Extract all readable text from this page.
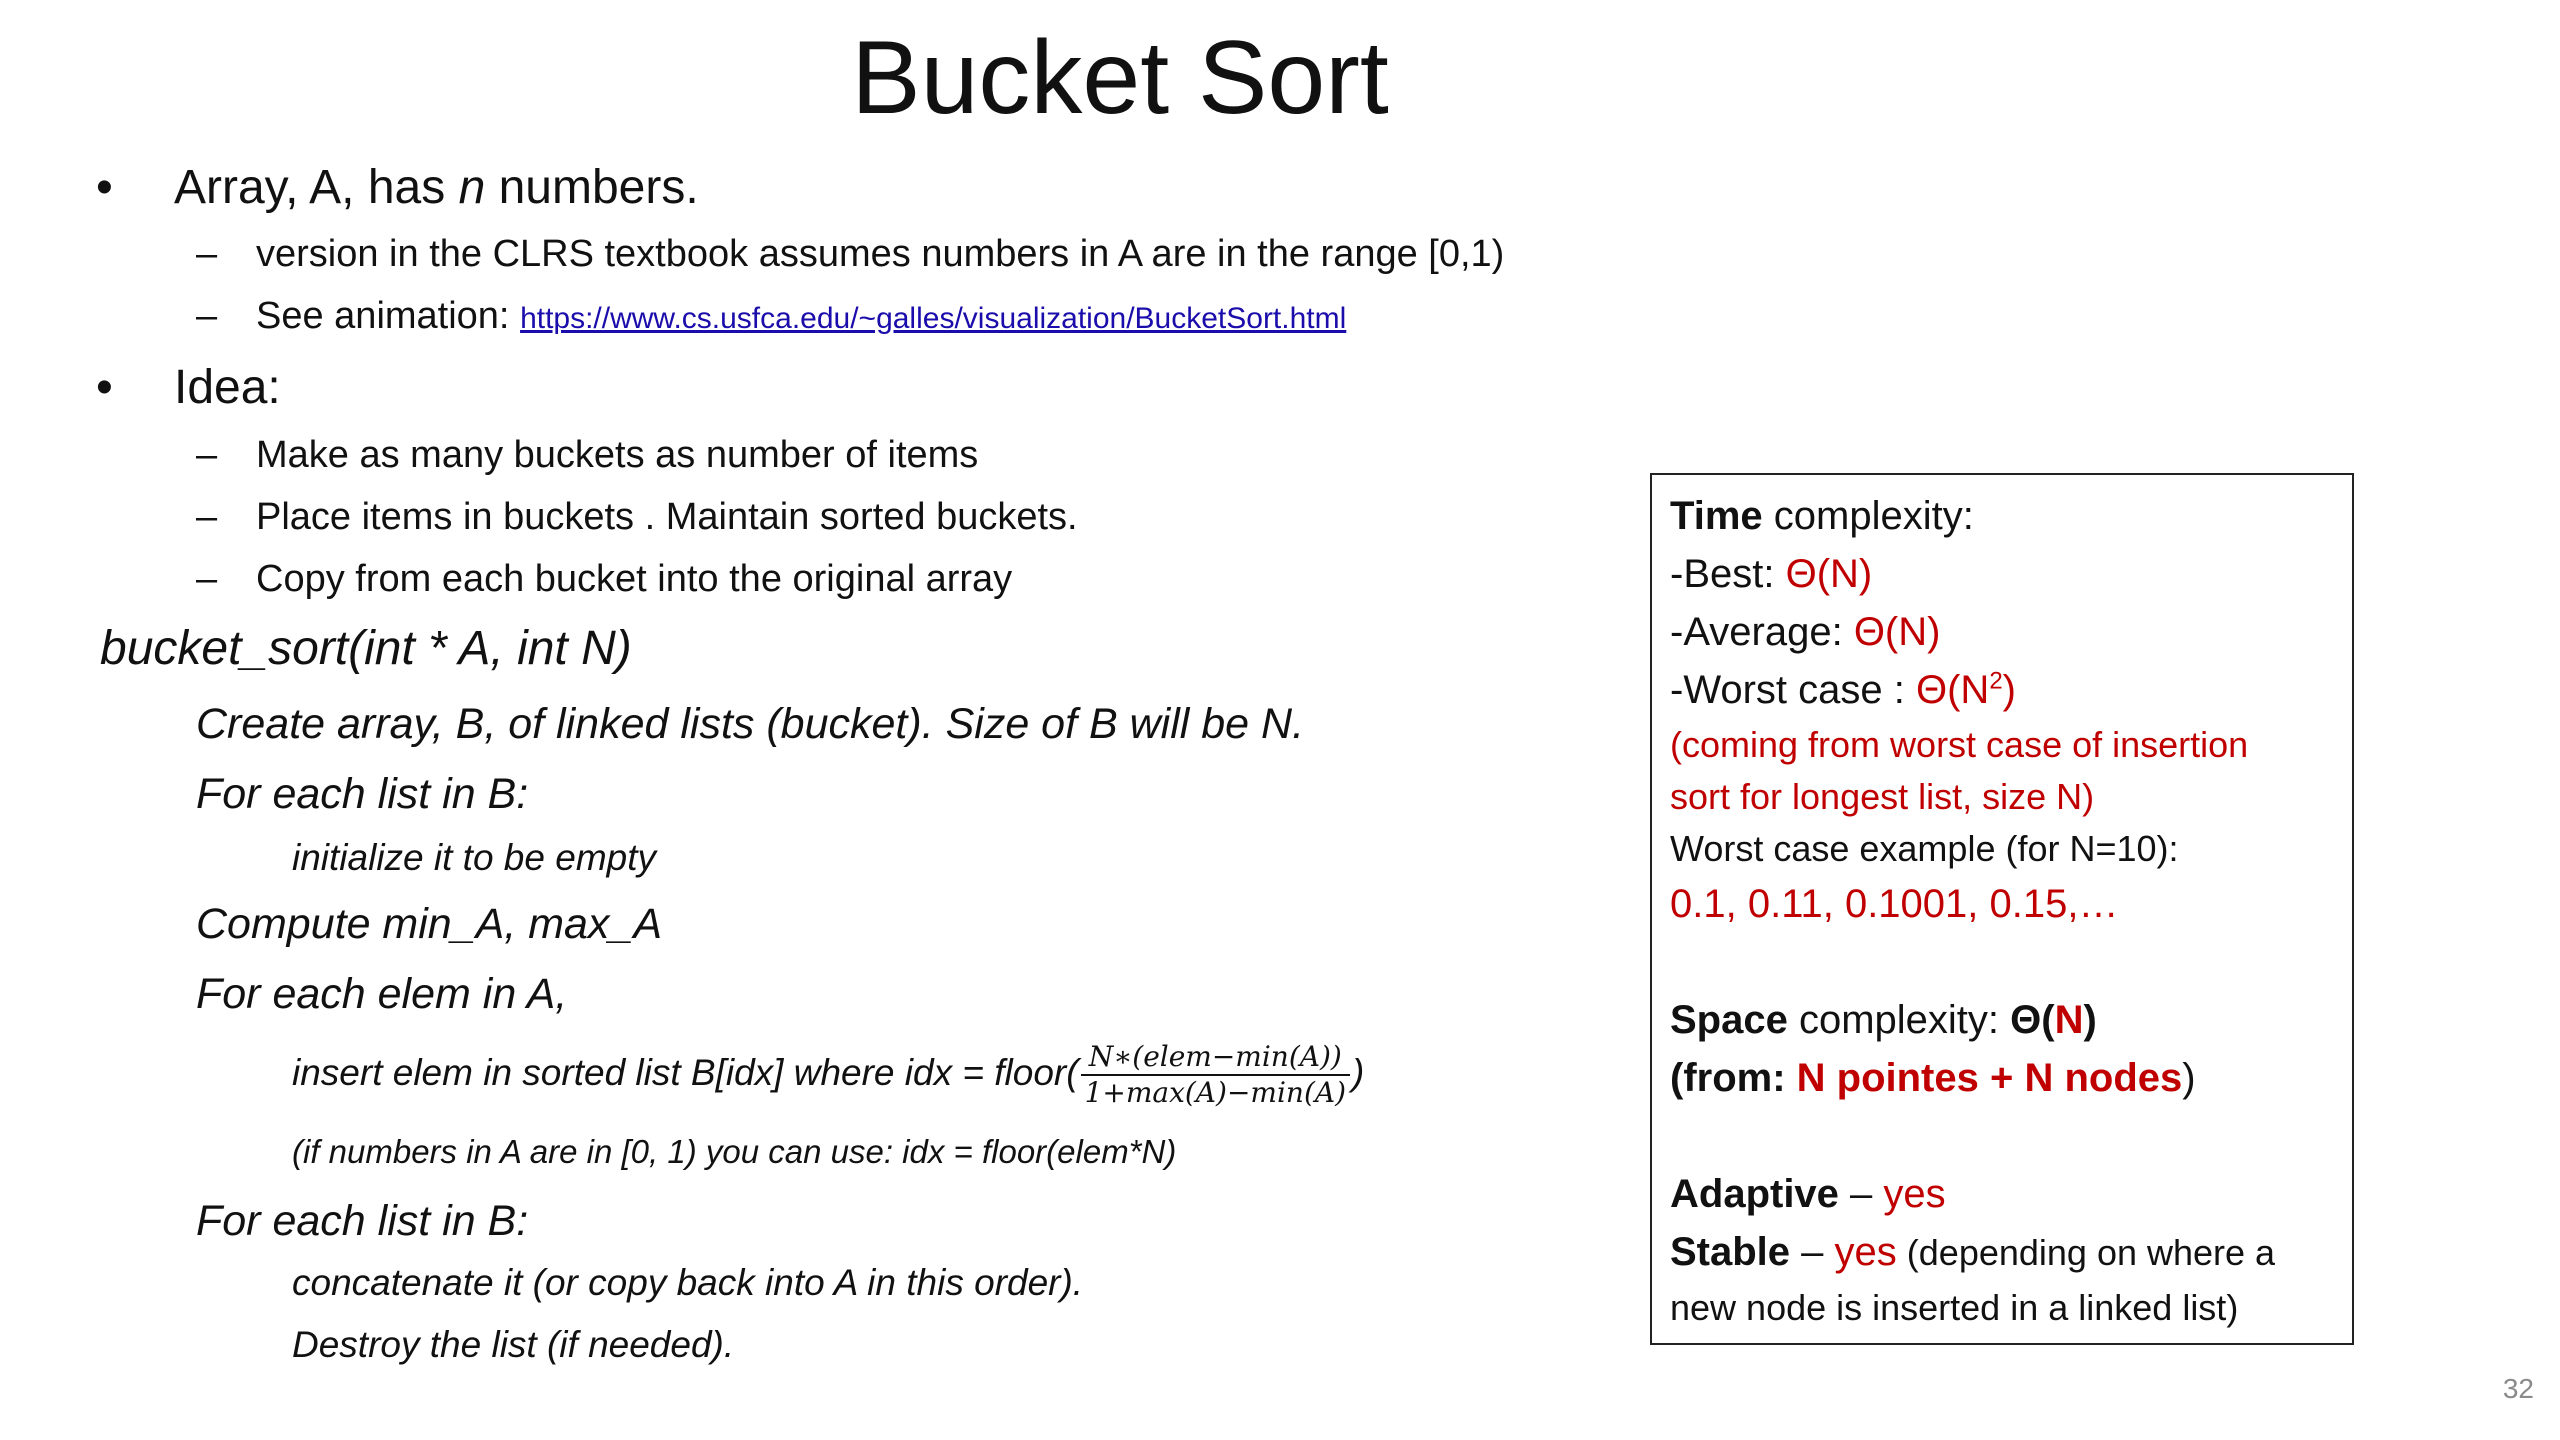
Bucket Sort
• Array, A, has n numbers.
– version in the CLRS textbook assumes numbers in A are in the range [0,1)
– See animation: https://www.cs.usfca.edu/~galles/visualization/BucketSort.html
• Idea:
– Make as many buckets as number of items
– Place items in buckets . Maintain sorted buckets.
– Copy from each bucket into the original array
bucket_sort(int * A, int N)
Create array, B, of linked lists (bucket). Size of B will be N.
For each list in B:
initialize it to be empty
Compute min_A, max_A
For each elem in A,
insert elem in sorted list B[idx] where idx = floor( $\frac{\text{N∗(elem−min(A))}}{1+\max(A)-\min(A)}$ )
(if numbers in A are in [0, 1) you can use: idx = floor(elem*N)
For each list in B:
concatenate it (or copy back into A in this order).
Destroy the list (if needed).
Time complexity:
-Best: Θ(N)
-Average: Θ(N)
-Worst case : $\Theta(N^2)$
(coming from worst case of insertion
sort for longest list, size N)
Worst case example (for N=10):
0.1, 0.11, 0.1001, 0.15,…
Space complexity: Θ(N)
(from: N pointes + N nodes)
Adaptive – yes
Stable – yes (depending on where a
new node is inserted in a linked list)
32
